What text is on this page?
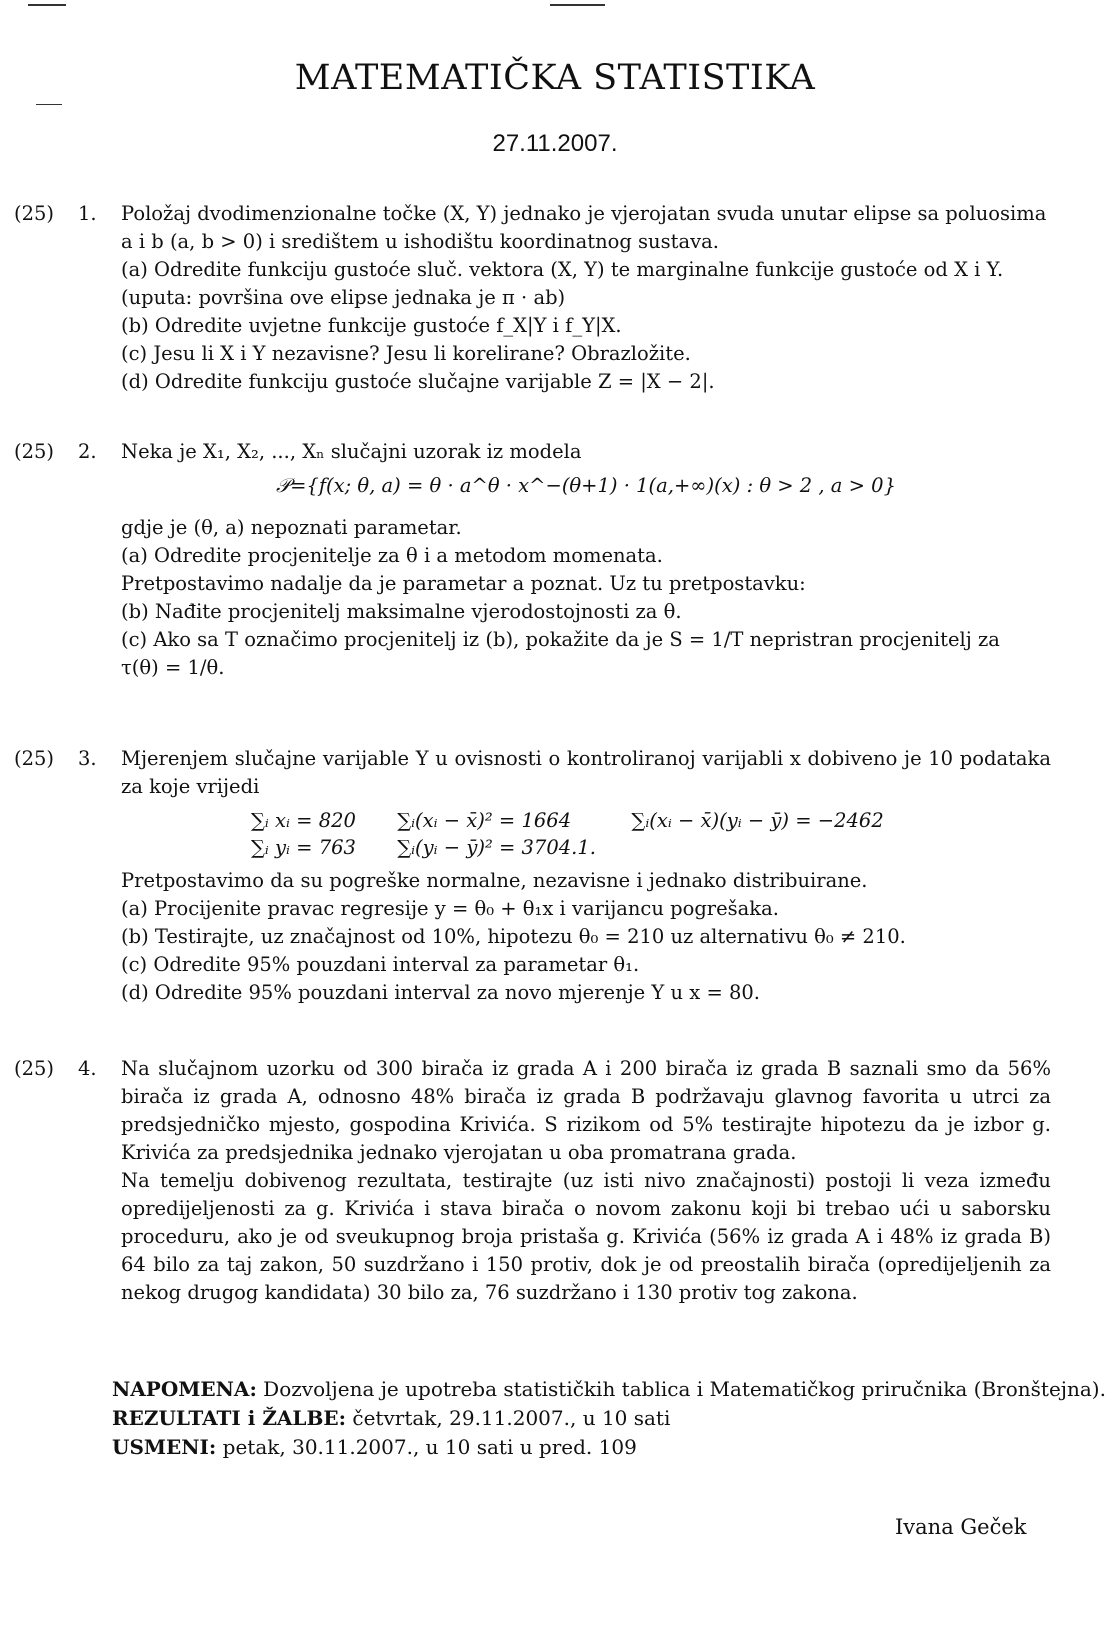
MATEMATIČKA STATISTIKA
27.11.2007.
(25) 1. Položaj dvodimenzionalne točke (X, Y) jednako je vjerojatan svuda unutar elipse sa poluosima
a i b (a, b > 0) i središtem u ishodištu koordinatnog sustava.
(a) Odredite funkciju gustoće sluč. vektora (X, Y) te marginalne funkcije gustoće od X i Y.
(uputa: površina ove elipse jednaka je π · ab)
(b) Odredite uvjetne funkcije gustoće f_X|Y i f_Y|X.
(c) Jesu li X i Y nezavisne? Jesu li korelirane? Obrazložite.
(d) Odredite funkciju gustoće slučajne varijable Z = |X − 2|.
(25) 2. Neka je X₁, X₂, ..., Xₙ slučajni uzorak iz modela
𝒫={f(x; θ, a) = θ · a^θ · x^−(θ+1) · 1(a,+∞)(x) : θ > 2 , a > 0}
gdje je (θ, a) nepoznati parametar.
(a) Odredite procjenitelje za θ i a metodom momenata.
Pretpostavimo nadalje da je parametar a poznat. Uz tu pretpostavku:
(b) Nađite procjenitelj maksimalne vjerodostojnosti za θ.
(c) Ako sa T označimo procjenitelj iz (b), pokažite da je S = 1/T nepristran procjenitelj za
τ(θ) = 1/θ.
(25) 3. Mjerenjem slučajne varijable Y u ovisnosti o kontroliranoj varijabli x dobiveno je 10 podataka za koje vrijedi
∑ᵢ xᵢ = 820 ∑ᵢ(xᵢ − x̄)² = 1664	∑ᵢ(xᵢ − x̄)(yᵢ − ȳ) = −2462
∑ᵢ yᵢ = 763 ∑ᵢ(yᵢ − ȳ)² = 3704.1.
Pretpostavimo da su pogreške normalne, nezavisne i jednako distribuirane.
(a) Procijenite pravac regresije y = θ₀ + θ₁x i varijancu pogrešaka.
(b) Testirajte, uz značajnost od 10%, hipotezu θ₀ = 210 uz alternativu θ₀ ≠ 210.
(c) Odredite 95% pouzdani interval za parametar θ₁.
(d) Odredite 95% pouzdani interval za novo mjerenje Y u x = 80.
(25) 4. Na slučajnom uzorku od 300 birača iz grada A i 200 birača iz grada B saznali smo da 56% birača iz grada A, odnosno 48% birača iz grada B podržavaju glavnog favorita u utrci za predsjedničko mjesto, gospodina Krivića. S rizikom od 5% testirajte hipotezu da je izbor g. Krivića za predsjednika jednako vjerojatan u oba promatrana grada.
Na temelju dobivenog rezultata, testirajte (uz isti nivo značajnosti) postoji li veza između opredijeljenosti za g. Krivića i stava birača o novom zakonu koji bi trebao ući u saborsku proceduru, ako je od sveukupnog broja pristaša g. Krivića (56% iz grada A i 48% iz grada B) 64 bilo za taj zakon, 50 suzdržano i 150 protiv, dok je od preostalih birača (opredijeljenih za nekog drugog kandidata) 30 bilo za, 76 suzdržano i 130 protiv tog zakona.
NAPOMENA: Dozvoljena je upotreba statističkih tablica i Matematičkog priručnika (Bronštejna).
REZULTATI i ŽALBE: četvrtak, 29.11.2007., u 10 sati
USMENI: petak, 30.11.2007., u 10 sati u pred. 109
Ivana Geček
